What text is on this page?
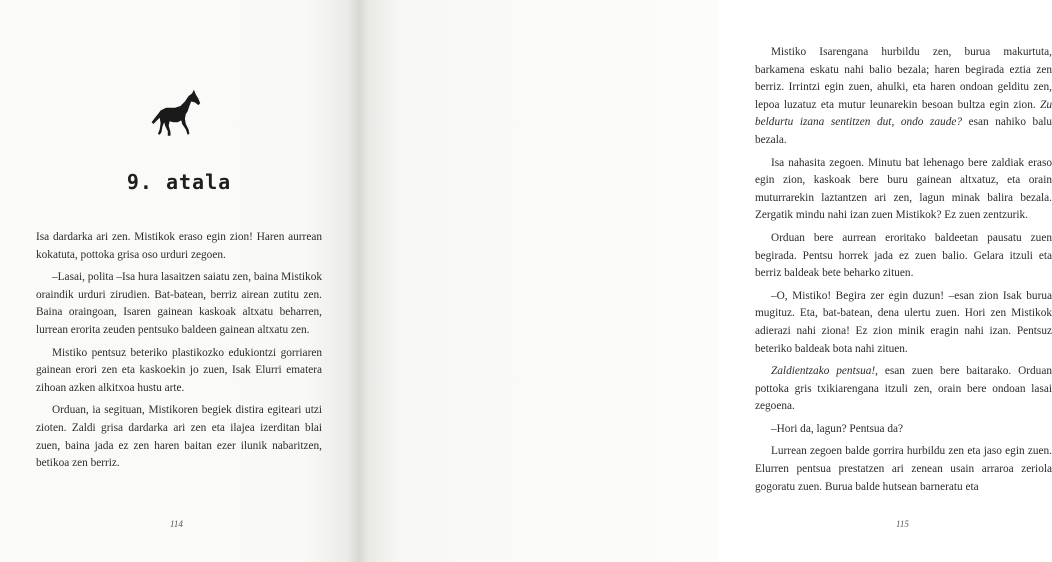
9. atala

Isa dardarka ari zen. Mistikok eraso egin zion! Haren aurrean kokatuta, pottoka grisa oso urduri zegoen.

–Lasai, polita –Isa hura lasaitzen saiatu zen, baina Mistikok oraindik urduri zirudien. Bat-batean, berriz airean zutitu zen. Baina oraingoan, Isaren gainean kaskoak altxatu beharren, lurrean erorita zeuden pentsuko baldeen gainean altxatu zen.

Mistiko pentsuz beteriko plastikozko edukiontzi gorriaren gainean erori zen eta kaskoekin jo zuen, Isak Elurri ematera zihoan azken alkitxoa hustu arte.

Orduan, ia segituan, Mistikoren begiek distira egiteari utzi zioten. Zaldi grisa dardarka ari zen eta ilajea izerditan blai zuen, baina jada ez zen haren baitan ezer ilunik nabaritzen, betikoa zen berriz.

114

Mistiko Isarengana hurbildu zen, burua makurtuta, barkamena eskatu nahi balio bezala; haren begirada eztia zen berriz. Irrintzi egin zuen, ahulki, eta haren ondoan gelditu zen, lepoa luzatuz eta mutur leunarekin besoan bultza egin zion. Zu beldurtu izana sentitzen dut, ondo zaude? esan nahiko balu bezala.

Isa nahasita zegoen. Minutu bat lehenago bere zaldiak eraso egin zion, kaskoak bere buru gainean altxatuz, eta orain muturrarekin laztantzen ari zen, lagun minak balira bezala. Zergatik mindu nahi izan zuen Mistikok? Ez zuen zentzurik.

Orduan bere aurrean eroritako baldeetan pausatu zuen begirada. Pentsu horrek jada ez zuen balio. Gelara itzuli eta berriz baldeak bete beharko zituen.

–O, Mistiko! Begira zer egin duzun! –esan zion Isak burua mugituz. Eta, bat-batean, dena ulertu zuen. Hori zen Mistikok adierazi nahi ziona! Ez zion minik eragin nahi izan. Pentsuz beteriko baldeak bota nahi zituen.

Zaldientzako pentsua!, esan zuen bere baitarako. Orduan pottoka gris txikiarengana itzuli zen, orain bere ondoan lasai zegoena.

–Hori da, lagun? Pentsua da?

Lurrean zegoen balde gorrira hurbildu zen eta jaso egin zuen. Elurren pentsua prestatzen ari zenean usain arraroa zeriola gogoratu zuen. Burua balde hutsean barneratu eta

115
